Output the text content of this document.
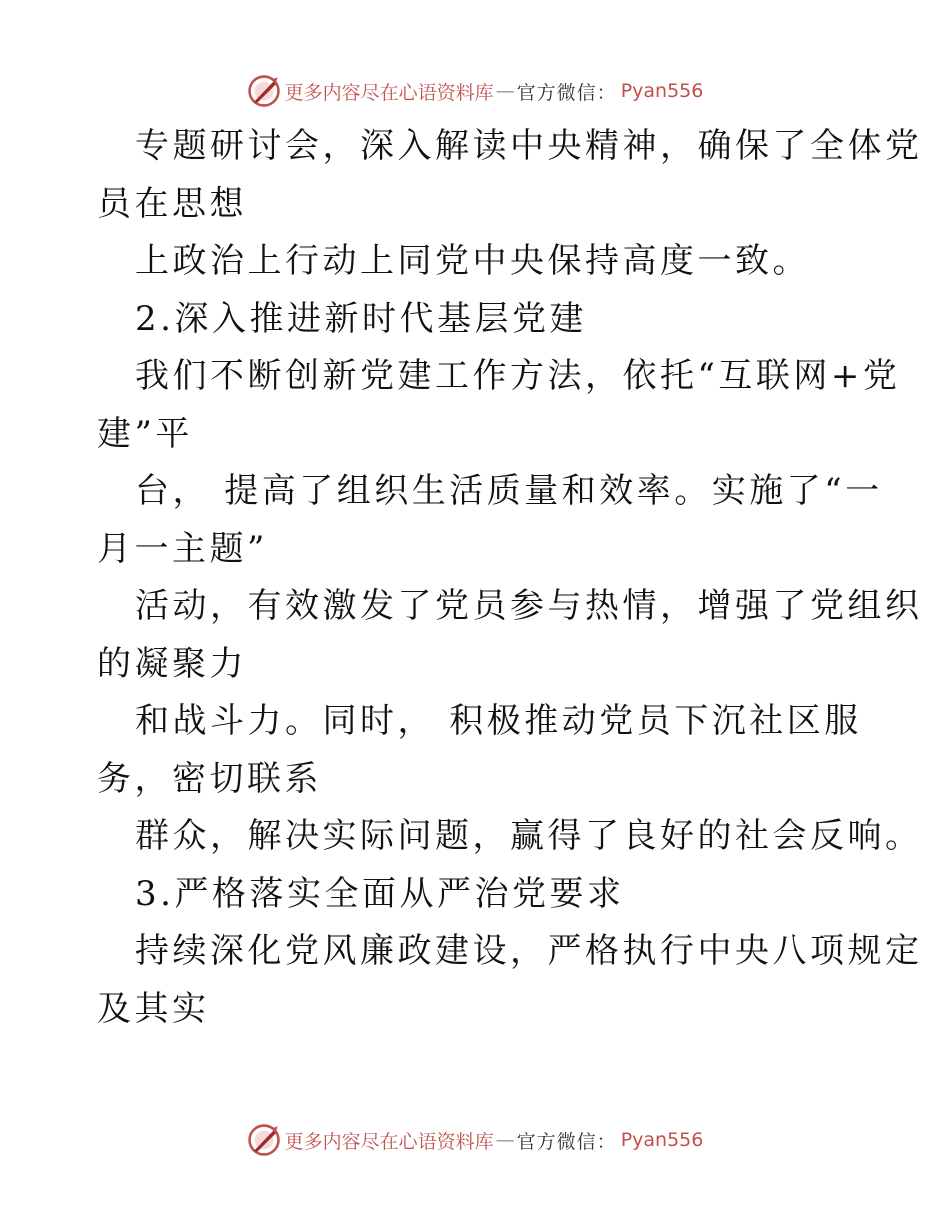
更多内容尽在心语资料库 — 官方微信： Pyan556
专题研讨会，深入解读中央精神，确保了全体党
员在思想
上政治上行动上同党中央保持高度一致。
2.深入推进新时代基层党建
我们不断创新党建工作方法，依托“互联网+党
建”平
台， 提高了组织生活质量和效率。实施了“一
月一主题”
活动，有效激发了党员参与热情，增强了党组织
的凝聚力
和战斗力。同时， 积极推动党员下沉社区服
务，密切联系
群众，解决实际问题，赢得了良好的社会反响。
3.严格落实全面从严治党要求
持续深化党风廉政建设，严格执行中央八项规定
及其实
更多内容尽在心语资料库 — 官方微信： Pyan556
